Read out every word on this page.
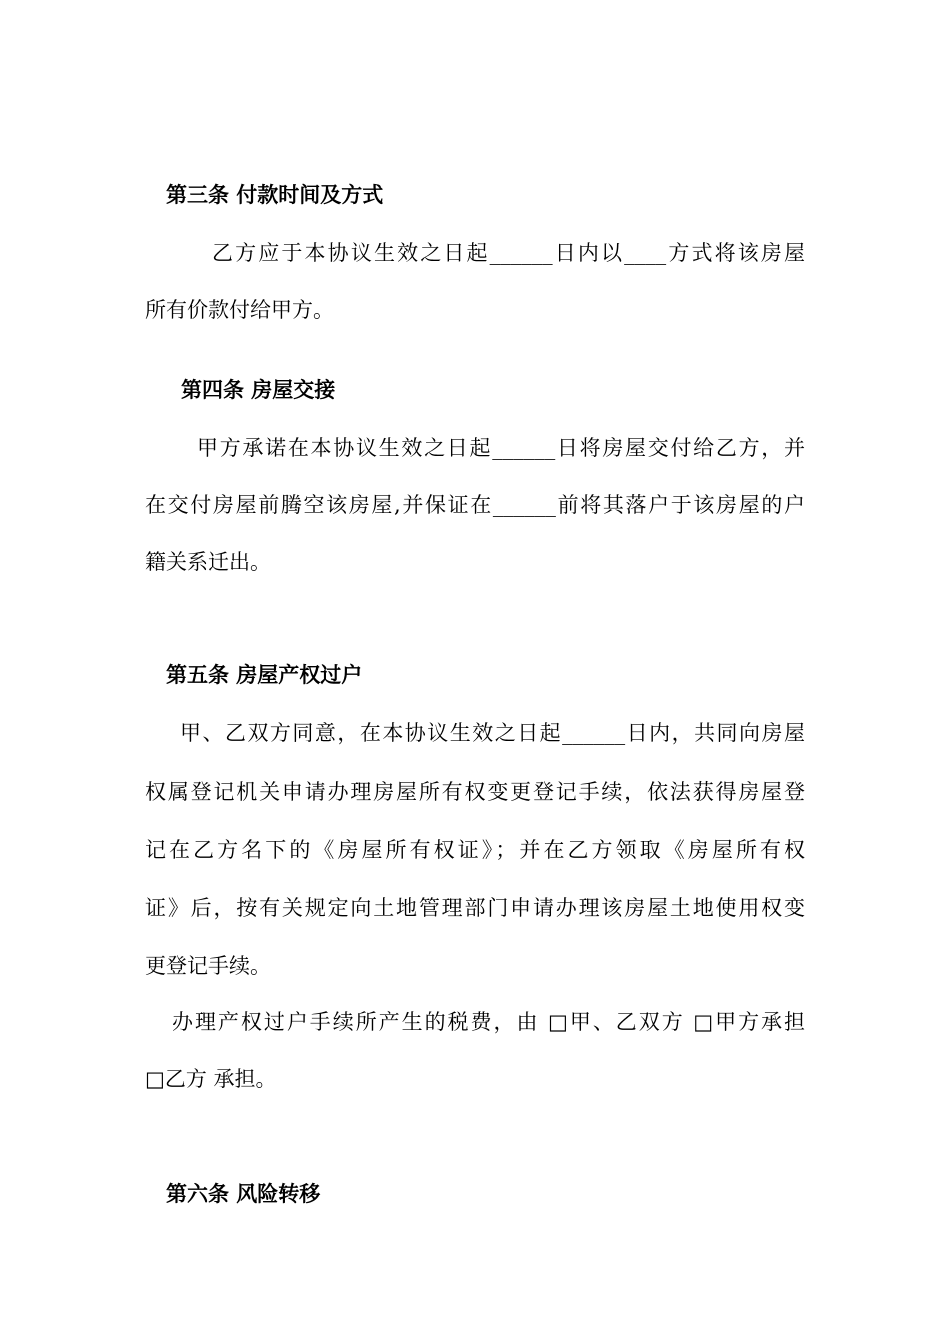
第三条 付款时间及方式
乙方应于本协议生效之日起______日内以____方式将该房屋
所有价款付给甲方。
第四条 房屋交接
甲方承诺在本协议生效之日起______日将房屋交付给乙方，并
在交付房屋前腾空该房屋,并保证在______前将其落户于该房屋的户
籍关系迁出。
第五条 房屋产权过户
甲、乙双方同意，在本协议生效之日起______日内，共同向房屋
权属登记机关申请办理房屋所有权变更登记手续，依法获得房屋登
记在乙方名下的《房屋所有权证》；并在乙方领取《房屋所有权
证》后，按有关规定向土地管理部门申请办理该房屋土地使用权变
更登记手续。
办理产权过户手续所产生的税费，由 □甲、乙双方 □甲方承担
□乙方 承担。
第六条 风险转移
